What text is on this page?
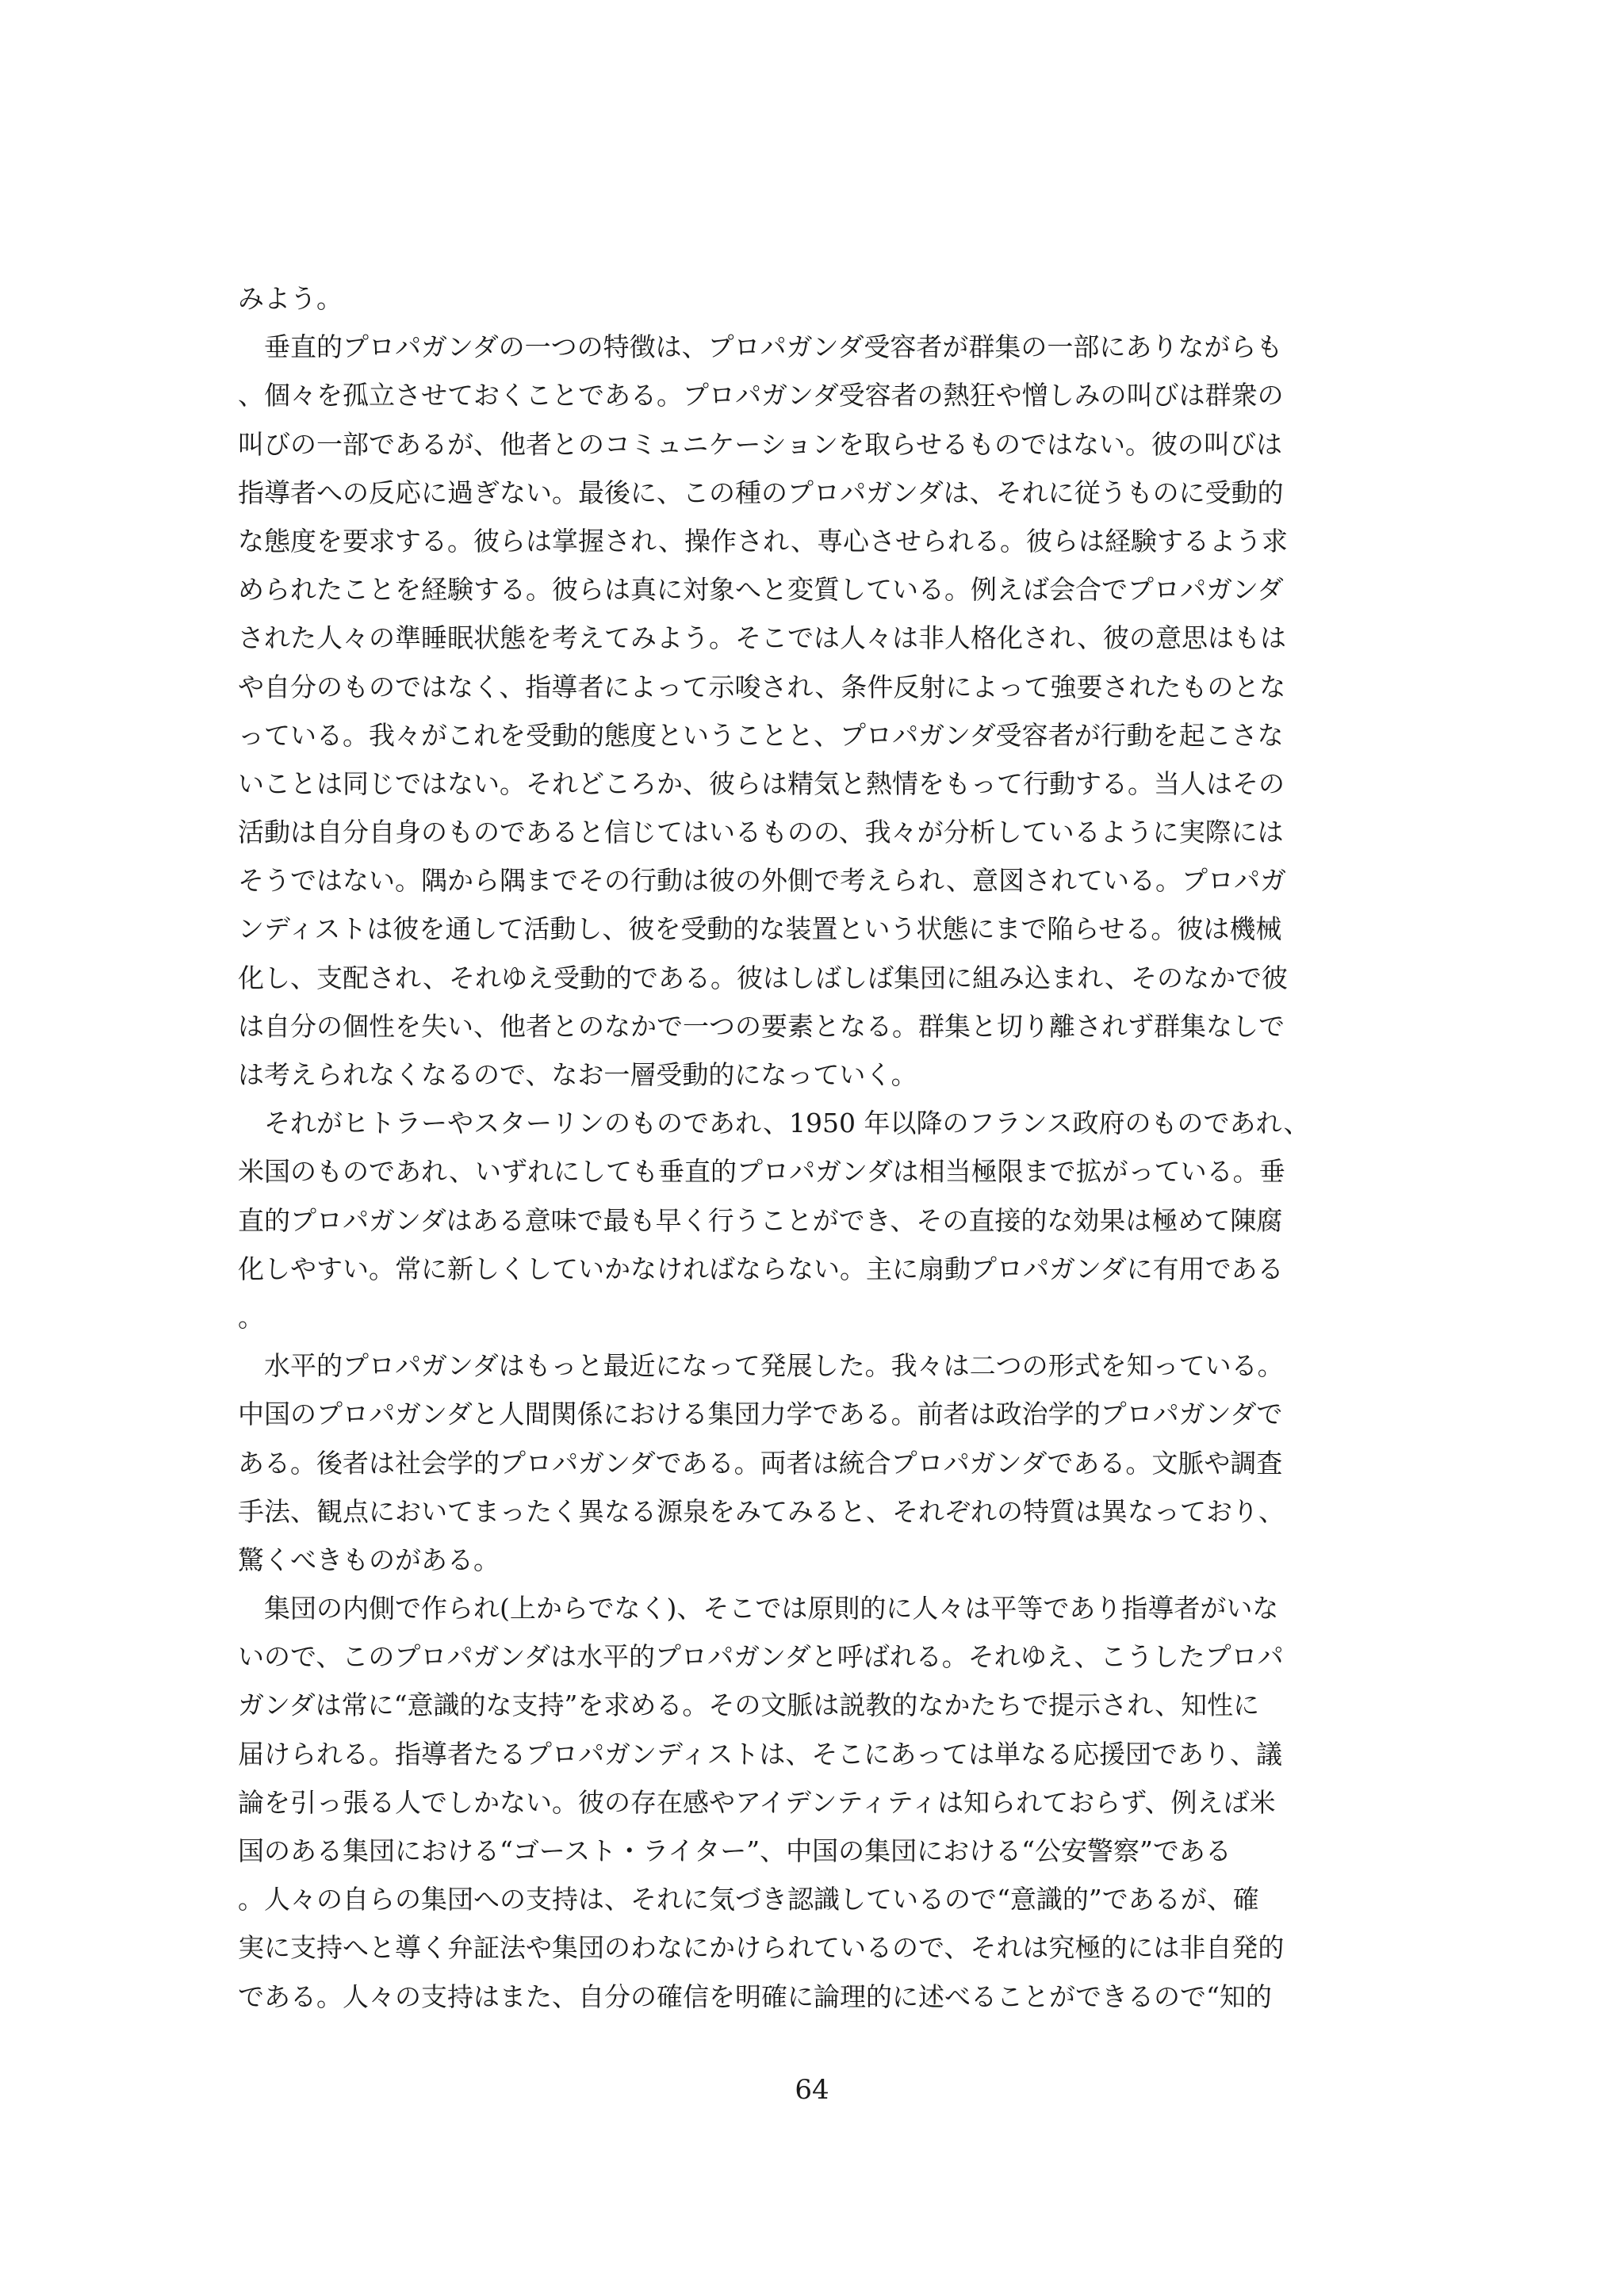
みよう。
　垂直的プロパガンダの一つの特徴は、プロパガンダ受容者が群集の一部にありながらも
、個々を孤立させておくことである。プロパガンダ受容者の熱狂や憎しみの叫びは群衆の
叫びの一部であるが、他者とのコミュニケーションを取らせるものではない。彼の叫びは
指導者への反応に過ぎない。最後に、この種のプロパガンダは、それに従うものに受動的
な態度を要求する。彼らは掌握され、操作され、専心させられる。彼らは経験するよう求
められたことを経験する。彼らは真に対象へと変質している。例えば会合でプロパガンダ
された人々の準睡眠状態を考えてみよう。そこでは人々は非人格化され、彼の意思はもは
や自分のものではなく、指導者によって示唆され、条件反射によって強要されたものとな
っている。我々がこれを受動的態度ということと、プロパガンダ受容者が行動を起こさな
いことは同じではない。それどころか、彼らは精気と熱情をもって行動する。当人はその
活動は自分自身のものであると信じてはいるものの、我々が分析しているように実際には
そうではない。隅から隅までその行動は彼の外側で考えられ、意図されている。プロパガ
ンディストは彼を通して活動し、彼を受動的な装置という状態にまで陥らせる。彼は機械
化し、支配され、それゆえ受動的である。彼はしばしば集団に組み込まれ、そのなかで彼
は自分の個性を失い、他者とのなかで一つの要素となる。群集と切り離されず群集なしで
は考えられなくなるので、なお一層受動的になっていく。
　それがヒトラーやスターリンのものであれ、1950 年以降のフランス政府のものであれ、
米国のものであれ、いずれにしても垂直的プロパガンダは相当極限まで拡がっている。垂
直的プロパガンダはある意味で最も早く行うことができ、その直接的な効果は極めて陳腐
化しやすい。常に新しくしていかなければならない。主に扇動プロパガンダに有用である
。
　水平的プロパガンダはもっと最近になって発展した。我々は二つの形式を知っている。
中国のプロパガンダと人間関係における集団力学である。前者は政治学的プロパガンダで
ある。後者は社会学的プロパガンダである。両者は統合プロパガンダである。文脈や調査
手法、観点においてまったく異なる源泉をみてみると、それぞれの特質は異なっており、
驚くべきものがある。
　集団の内側で作られ(上からでなく)、そこでは原則的に人々は平等であり指導者がいな
いので、このプロパガンダは水平的プロパガンダと呼ばれる。それゆえ、こうしたプロパ
ガンダは常に“意識的な支持”を求める。その文脈は説教的なかたちで提示され、知性に
届けられる。指導者たるプロパガンディストは、そこにあっては単なる応援団であり、議
論を引っ張る人でしかない。彼の存在感やアイデンティティは知られておらず、例えば米
国のある集団における“ゴースト・ライター”、中国の集団における“公安警察”である
。人々の自らの集団への支持は、それに気づき認識しているので“意識的”であるが、確
実に支持へと導く弁証法や集団のわなにかけられているので、それは究極的には非自発的
である。人々の支持はまた、自分の確信を明確に論理的に述べることができるので“知的
64
